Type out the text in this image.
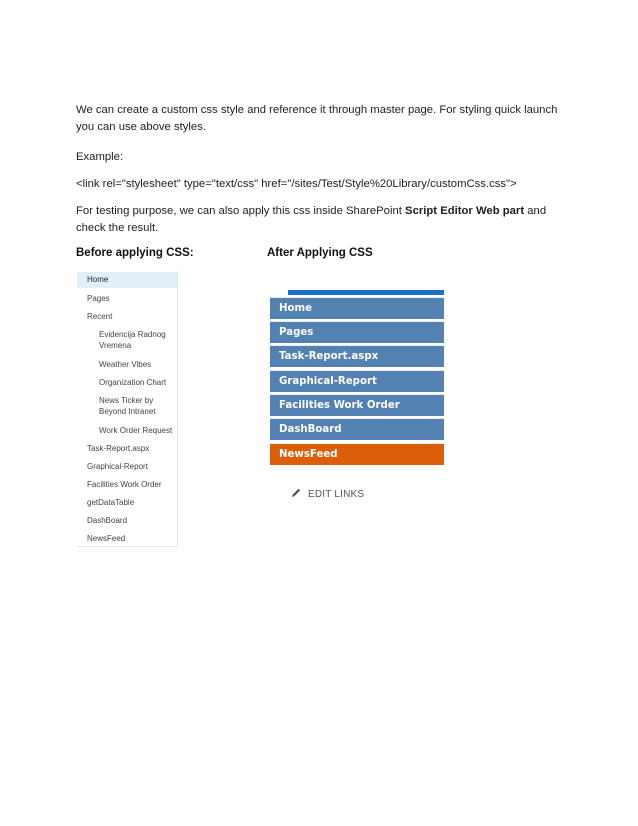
We can create a custom css style and reference it through master page. For styling quick launch you can use above styles.

Example:

<link rel="stylesheet" type="text/css" href="/sites/Test/Style%20Library/customCss.css">

For testing purpose, we can also apply this css inside SharePoint Script Editor Web part and check the result.

Before applying CSS:	After Applying CSS

Home
Pages
Recent
Evidencija Radnog Vremena
Weather Vibes
Organization Chart
News Ticker by Beyond Intranet
Work Order Request
Task-Report.aspx
Graphical-Report
Facilities Work Order
getDataTable
DashBoard
NewsFeed
Home
Pages
Task-Report.aspx
Graphical-Report
Facilities Work Order
DashBoard
NewsFeed
EDIT LINKS
